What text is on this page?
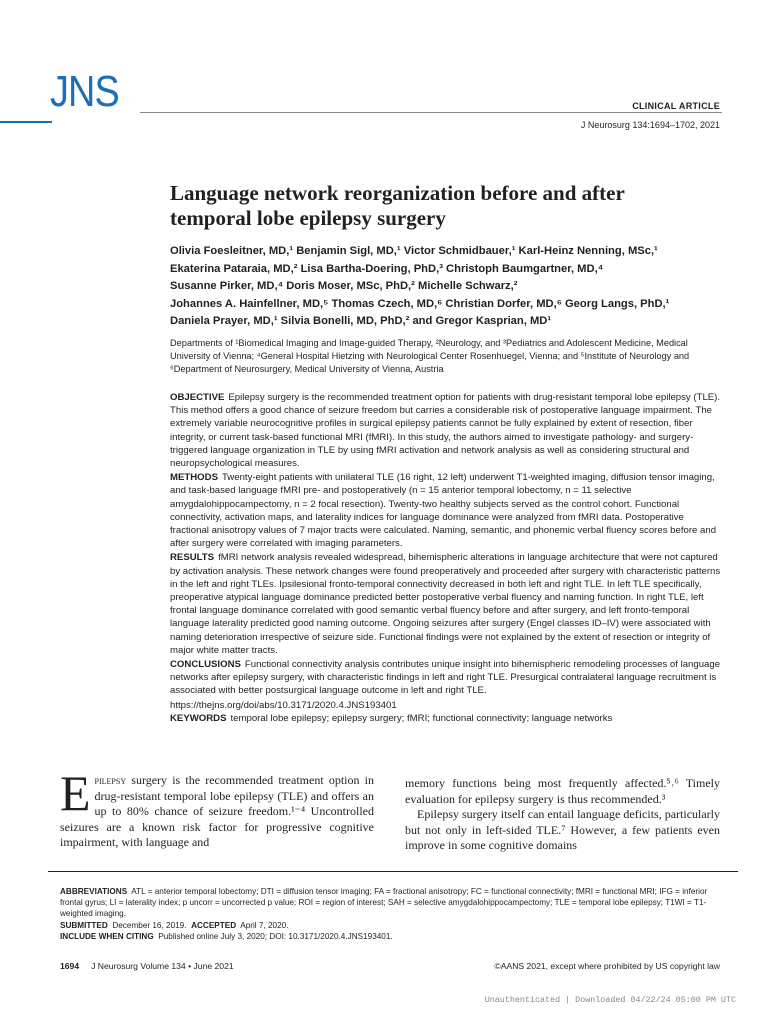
JNS	CLINICAL ARTICLE
J Neurosurg 134:1694–1702, 2021
Language network reorganization before and after
temporal lobe epilepsy surgery
Olivia Foesleitner, MD,¹ Benjamin Sigl, MD,¹ Victor Schmidbauer,¹ Karl-Heinz Nenning, MSc,¹
Ekaterina Pataraia, MD,² Lisa Bartha-Doering, PhD,³ Christoph Baumgartner, MD,⁴
Susanne Pirker, MD,⁴ Doris Moser, MSc, PhD,² Michelle Schwarz,²
Johannes A. Hainfellner, MD,⁵ Thomas Czech, MD,⁶ Christian Dorfer, MD,⁶ Georg Langs, PhD,¹
Daniela Prayer, MD,¹ Silvia Bonelli, MD, PhD,² and Gregor Kasprian, MD¹
Departments of ¹Biomedical Imaging and Image-guided Therapy, ²Neurology, and ³Pediatrics and Adolescent Medicine, Medical University of Vienna; ⁴General Hospital Hietzing with Neurological Center Rosenhuegel, Vienna; and ⁵Institute of Neurology and ⁶Department of Neurosurgery, Medical University of Vienna, Austria

OBJECTIVE Epilepsy surgery is the recommended treatment option for patients with drug-resistant temporal lobe epilepsy (TLE). This method offers a good chance of seizure freedom but carries a considerable risk of postoperative language impairment. The extremely variable neurocognitive profiles in surgical epilepsy patients cannot be fully explained by extent of resection, fiber integrity, or current task-based functional MRI (fMRI). In this study, the authors aimed to investigate pathology- and surgery-triggered language organization in TLE by using fMRI activation and network analysis as well as considering structural and neuropsychological measures.

METHODS Twenty-eight patients with unilateral TLE (16 right, 12 left) underwent T1-weighted imaging, diffusion tensor imaging, and task-based language fMRI pre- and postoperatively (n = 15 anterior temporal lobectomy, n = 11 selective amygdalohippocampectomy, n = 2 focal resection). Twenty-two healthy subjects served as the control cohort. Functional connectivity, activation maps, and laterality indices for language dominance were analyzed from fMRI data. Postoperative fractional anisotropy values of 7 major tracts were calculated. Naming, semantic, and phonemic verbal fluency scores before and after surgery were correlated with imaging parameters.

RESULTS fMRI network analysis revealed widespread, bihemispheric alterations in language architecture that were not captured by activation analysis. These network changes were found preoperatively and proceeded after surgery with characteristic patterns in the left and right TLEs. Ipsilesional fronto-temporal connectivity decreased in both left and right TLE. In left TLE specifically, preoperative atypical language dominance predicted better postoperative verbal fluency and naming function. In right TLE, left frontal language dominance correlated with good semantic verbal fluency before and after surgery, and left fronto-temporal language laterality predicted good naming outcome. Ongoing seizures after surgery (Engel classes ID–IV) were associated with naming deterioration irrespective of seizure side. Functional findings were not explained by the extent of resection or integrity of major white matter tracts.

CONCLUSIONS Functional connectivity analysis contributes unique insight into bihemispheric remodeling processes of language networks after epilepsy surgery, with characteristic findings in left and right TLE. Presurgical contralateral language recruitment is associated with better postsurgical language outcome in left and right TLE.

https://thejns.org/doi/abs/10.3171/2020.4.JNS193401

KEYWORDS temporal lobe epilepsy; epilepsy surgery; fMRI; functional connectivity; language networks

Epilepsy surgery is the recommended treatment option in drug-resistant temporal lobe epilepsy (TLE) and offers an up to 80% chance of seizure freedom.¹⁻⁴ Uncontrolled seizures are a known risk factor for progressive cognitive impairment, with language and

memory functions being most frequently affected.⁵˒⁶ Timely evaluation for epilepsy surgery is thus recommended.³

Epilepsy surgery itself can entail language deficits, particularly but not only in left-sided TLE.⁷ However, a few patients even improve in some cognitive domains

ABBREVIATIONS ATL = anterior temporal lobectomy; DTI = diffusion tensor imaging; FA = fractional anisotropy; FC = functional connectivity; fMRI = functional MRI; IFG = inferior frontal gyrus; LI = laterality index; p uncorr = uncorrected p value; ROI = region of interest; SAH = selective amygdalohippocampectomy; TLE = temporal lobe epilepsy; T1WI = T1-weighted imaging.

SUBMITTED December 16, 2019. ACCEPTED April 7, 2020.

INCLUDE WHEN CITING Published online July 3, 2020; DOI: 10.3171/2020.4.JNS193401.

1694 J Neurosurg Volume 134 • June 2021	©AANS 2021, except where prohibited by US copyright law
Unauthenticated | Downloaded 04/22/24 05:00 PM UTC
